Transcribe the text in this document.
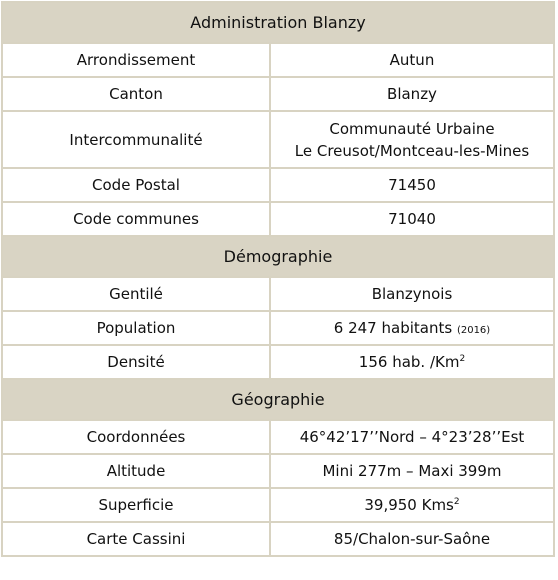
Administration Blanzy	
Arrondissement	Autun
Canton	Blanzy
Intercommunalité	Communauté Urbaine
Le Creusot/Montceau-les-Mines

Code Postal	71450
Code communes	71040
Démographie	
Gentilé	Blanzynois
Population	6 247 habitants (2016)
Densité	156 hab. /Km$^2$
Géographie	
Coordonnées	46°42’17’’Nord – 4°23’28’’Est
Altitude	Mini 277m – Maxi 399m
Superficie	39,950 Kms$^2$
Carte Cassini	85/Chalon-sur-Saône
